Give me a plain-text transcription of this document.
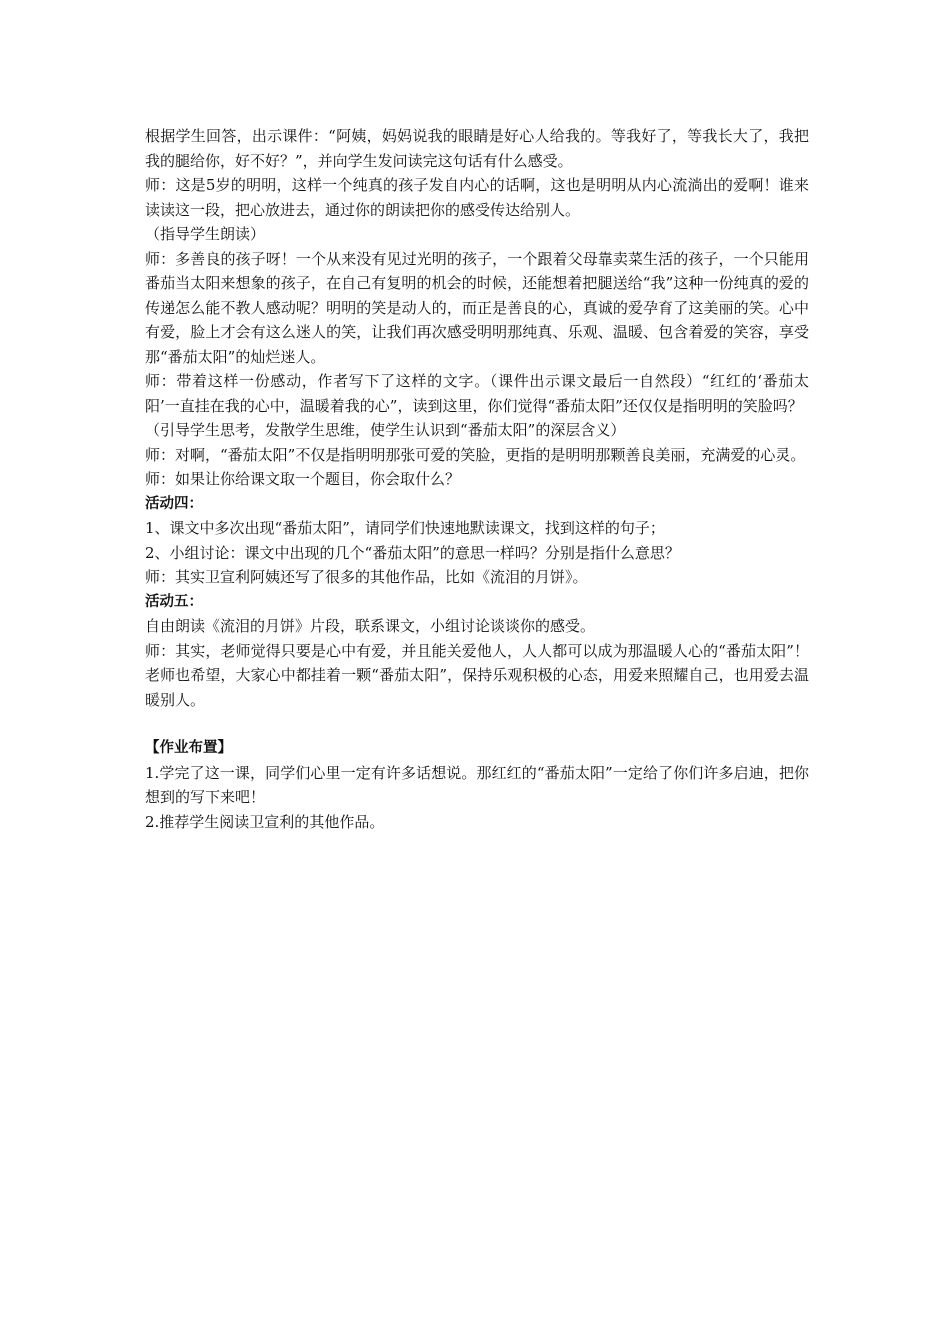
根据学生回答，出示课件：“阿姨，妈妈说我的眼睛是好心人给我的。等我好了，等我长大了，我把我的腿给你，好不好？”，并向学生发问读完这句话有什么感受。

师：这是5岁的明明，这样一个纯真的孩子发自内心的话啊，这也是明明从内心流淌出的爱啊！谁来读读这一段，把心放进去，通过你的朗读把你的感受传达给别人。

（指导学生朗读）

师：多善良的孩子呀！一个从来没有见过光明的孩子，一个跟着父母靠卖菜生活的孩子，一个只能用番茄当太阳来想象的孩子，在自己有复明的机会的时候，还能想着把腿送给“我”这种一份纯真的爱的传递怎么能不教人感动呢？明明的笑是动人的，而正是善良的心，真诚的爱孕育了这美丽的笑。心中有爱，脸上才会有这么迷人的笑，让我们再次感受明明那纯真、乐观、温暖、包含着爱的笑容，享受那“番茄太阳”的灿烂迷人。

师：带着这样一份感动，作者写下了这样的文字。（课件出示课文最后一自然段）“红红的‘番茄太阳’一直挂在我的心中，温暖着我的心”，读到这里，你们觉得“番茄太阳”还仅仅是指明明的笑脸吗？

（引导学生思考，发散学生思维，使学生认识到“番茄太阳”的深层含义）

师：对啊，“番茄太阳”不仅是指明明那张可爱的笑脸，更指的是明明那颗善良美丽，充满爱的心灵。

师：如果让你给课文取一个题目，你会取什么？

活动四：

1、课文中多次出现“番茄太阳”，请同学们快速地默读课文，找到这样的句子；

2、小组讨论：课文中出现的几个“番茄太阳”的意思一样吗？分别是指什么意思？

师：其实卫宣利阿姨还写了很多的其他作品，比如《流泪的月饼》。

活动五：

自由朗读《流泪的月饼》片段，联系课文，小组讨论谈谈你的感受。

师：其实，老师觉得只要是心中有爱，并且能关爱他人，人人都可以成为那温暖人心的“番茄太阳”！老师也希望，大家心中都挂着一颗“番茄太阳”，保持乐观积极的心态，用爱来照耀自己，也用爱去温暖别人。

【作业布置】

1.学完了这一课，同学们心里一定有许多话想说。那红红的“番茄太阳”一定给了你们许多启迪，把你想到的写下来吧！

2.推荐学生阅读卫宣利的其他作品。
